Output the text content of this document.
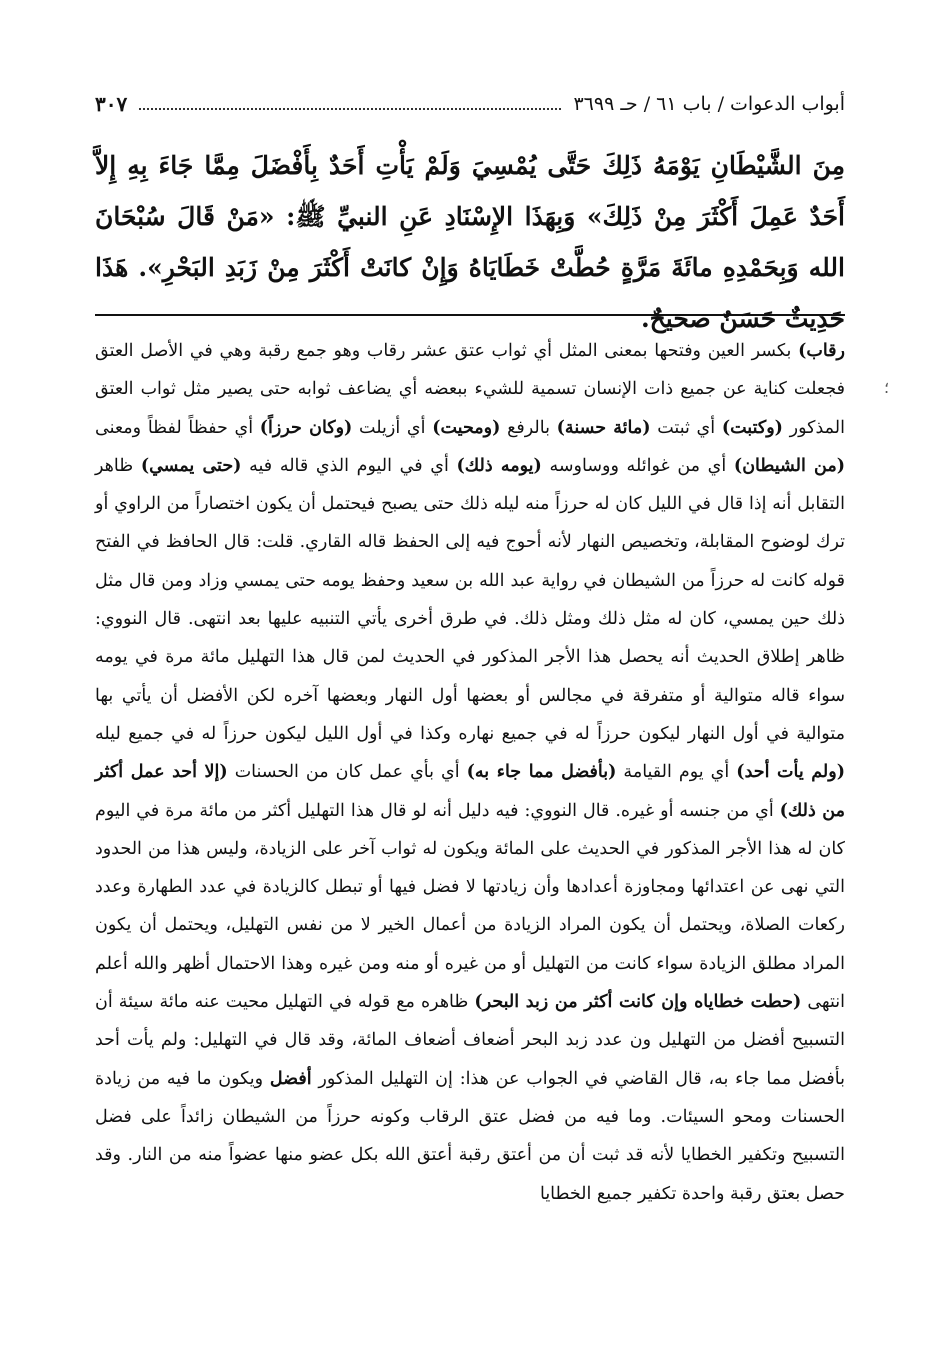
أبواب الدعوات / باب ٦١ / حـ ٣٦٩٩
٣٠٧
مِنَ الشَّيْطَانِ يَوْمَهُ ذَلِكَ حَتَّى يُمْسِيَ وَلَمْ يَأْتِ أَحَدٌ بِأَفْضَلَ مِمَّا جَاءَ بِهِ إِلاَّ أَحَدٌ عَمِلَ أَكْثَرَ مِنْ ذَلِكَ» وَبِهَذَا الإِسْنَادِ عَنِ النبيِّ ﷺ: «مَنْ قَالَ سُبْحَانَ الله وَبِحَمْدِهِ مائَةَ مَرَّةٍ حُطَّتْ خَطَايَاهُ وَإِنْ كانَتْ أَكْثَرَ مِنْ زَبَدِ البَحْرِ». هَذَا حَدِيثٌ حَسَنٌ صحيحٌ.
رقاب) بكسر العين وفتحها بمعنى المثل أي ثواب عتق عشر رقاب وهو جمع رقبة وهي في الأصل العتق فجعلت كناية عن جميع ذات الإنسان تسمية للشيء ببعضه أي يضاعف ثوابه حتى يصير مثل ثواب العتق المذكور (وكتبت) أي ثبتت (مائة حسنة) بالرفع (ومحيت) أي أزيلت (وكان حرزاً) أي حفظاً لفظاً ومعنى (من الشيطان) أي من غوائله ووساوسه (يومه ذلك) أي في اليوم الذي قاله فيه (حتى يمسي) ظاهر التقابل أنه إذا قال في الليل كان له حرزاً منه ليله ذلك حتى يصبح فيحتمل أن يكون اختصاراً من الراوي أو ترك لوضوح المقابلة، وتخصيص النهار لأنه أحوج فيه إلى الحفظ قاله القاري. قلت: قال الحافظ في الفتح قوله كانت له حرزاً من الشيطان في رواية عبد الله بن سعيد وحفظ يومه حتى يمسي وزاد ومن قال مثل ذلك حين يمسي، كان له مثل ذلك ومثل ذلك. في طرق أخرى يأتي التنبيه عليها بعد انتهى. قال النووي: ظاهر إطلاق الحديث أنه يحصل هذا الأجر المذكور في الحديث لمن قال هذا التهليل مائة مرة في يومه سواء قاله متوالية أو متفرقة في مجالس أو بعضها أول النهار وبعضها آخره لكن الأفضل أن يأتي بها متوالية في أول النهار ليكون حرزاً له في جميع نهاره وكذا في أول الليل ليكون حرزاً له في جميع ليله (ولم يأت أحد) أي يوم القيامة (بأفضل مما جاء به) أي بأي عمل كان من الحسنات (إلا أحد عمل أكثر من ذلك) أي من جنسه أو غيره. قال النووي: فيه دليل أنه لو قال هذا التهليل أكثر من مائة مرة في اليوم كان له هذا الأجر المذكور في الحديث على المائة ويكون له ثواب آخر على الزيادة، وليس هذا من الحدود التي نهى عن اعتدائها ومجاوزة أعدادها وأن زيادتها لا فضل فيها أو تبطل كالزيادة في عدد الطهارة وعدد ركعات الصلاة، ويحتمل أن يكون المراد الزيادة من أعمال الخير لا من نفس التهليل، ويحتمل أن يكون المراد مطلق الزيادة سواء كانت من التهليل أو من غيره أو منه ومن غيره وهذا الاحتمال أظهر والله أعلم انتهى (حطت خطاياه وإن كانت أكثر من زبد البحر) ظاهره مع قوله في التهليل محيت عنه مائة سيئة أن التسبيح أفضل من التهليل ون عدد زبد البحر أضعاف أضعاف المائة، وقد قال في التهليل: ولم يأت أحد بأفضل مما جاء به، قال القاضي في الجواب عن هذا: إن التهليل المذكور أفضل ويكون ما فيه من زيادة الحسنات ومحو السيئات. وما فيه من فضل عتق الرقاب وكونه حرزاً من الشيطان زائداً على فضل التسبيح وتكفير الخطايا لأنه قد ثبت أن من أعتق رقبة أعتق الله بكل عضو منها عضواً منه من النار. وقد حصل بعتق رقبة واحدة تكفير جميع الخطايا
؛
